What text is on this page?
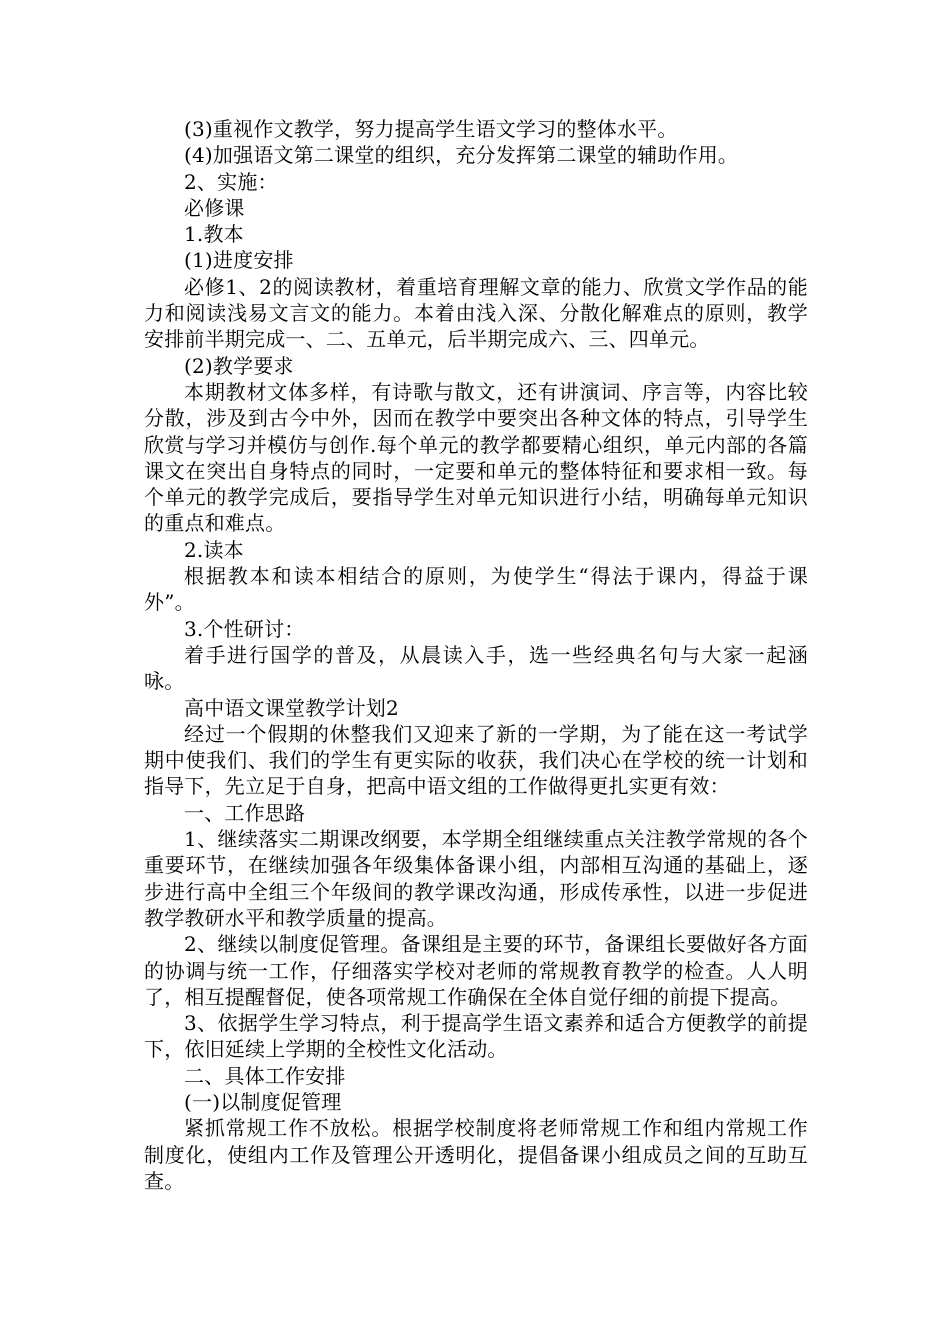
(3)重视作文教学，努力提高学生语文学习的整体水平。

(4)加强语文第二课堂的组织，充分发挥第二课堂的辅助作用。

2、实施：

必修课

1.教本

(1)进度安排

必修1、2的阅读教材，着重培育理解文章的能力、欣赏文学作品的能力和阅读浅易文言文的能力。本着由浅入深、分散化解难点的原则，教学安排前半期完成一、二、五单元，后半期完成六、三、四单元。

(2)教学要求

本期教材文体多样，有诗歌与散文，还有讲演词、序言等，内容比较分散，涉及到古今中外，因而在教学中要突出各种文体的特点，引导学生欣赏与学习并模仿与创作.每个单元的教学都要精心组织，单元内部的各篇课文在突出自身特点的同时，一定要和单元的整体特征和要求相一致。每个单元的教学完成后，要指导学生对单元知识进行小结，明确每单元知识的重点和难点。

2.读本

根据教本和读本相结合的原则，为使学生“得法于课内，得益于课外”。

3.个性研讨：

着手进行国学的普及，从晨读入手，选一些经典名句与大家一起涵咏。

高中语文课堂教学计划2

经过一个假期的休整我们又迎来了新的一学期，为了能在这一考试学期中使我们、我们的学生有更实际的收获，我们决心在学校的统一计划和指导下，先立足于自身，把高中语文组的工作做得更扎实更有效：

一、工作思路

1、继续落实二期课改纲要，本学期全组继续重点关注教学常规的各个重要环节，在继续加强各年级集体备课小组，内部相互沟通的基础上，逐步进行高中全组三个年级间的教学课改沟通，形成传承性，以进一步促进教学教研水平和教学质量的提高。

2、继续以制度促管理。备课组是主要的环节，备课组长要做好各方面的协调与统一工作，仔细落实学校对老师的常规教育教学的检查。人人明了，相互提醒督促，使各项常规工作确保在全体自觉仔细的前提下提高。

3、依据学生学习特点，利于提高学生语文素养和适合方便教学的前提下，依旧延续上学期的全校性文化活动。

二、具体工作安排

(一)以制度促管理

紧抓常规工作不放松。根据学校制度将老师常规工作和组内常规工作制度化，使组内工作及管理公开透明化，提倡备课小组成员之间的互助互查。
